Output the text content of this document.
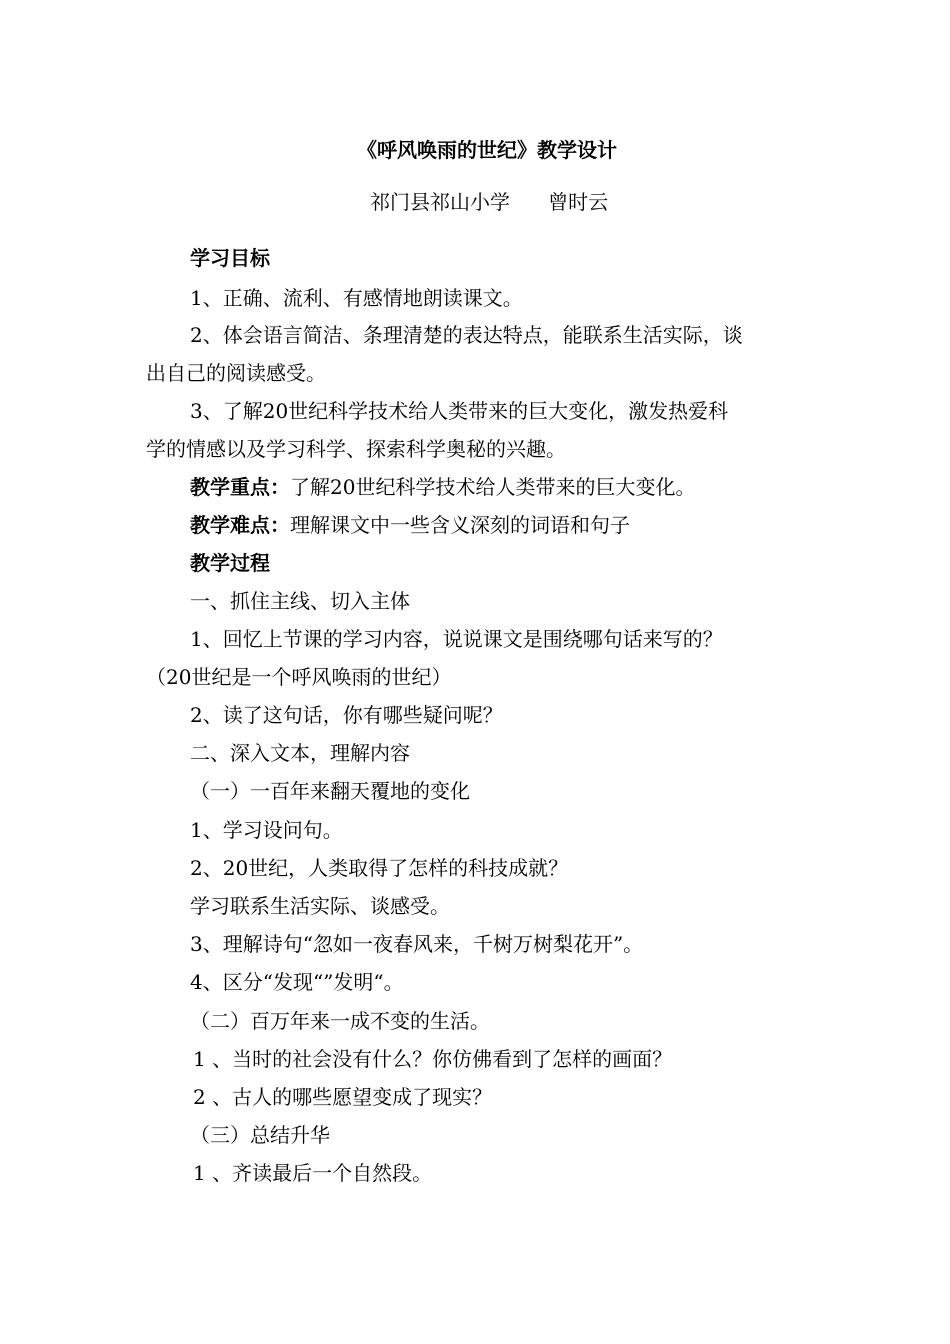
《呼风唤雨的世纪》教学设计
祁门县祁山小学      曾时云
学习目标
1、正确、流利、有感情地朗读课文。
2、体会语言简洁、条理清楚的表达特点，能联系生活实际，谈
出自己的阅读感受。
3、了解20世纪科学技术给人类带来的巨大变化，激发热爱科
学的情感以及学习科学、探索科学奥秘的兴趣。
教学重点：了解20世纪科学技术给人类带来的巨大变化。
教学难点：理解课文中一些含义深刻的词语和句子
教学过程
一、抓住主线、切入主体
1、回忆上节课的学习内容，说说课文是围绕哪句话来写的？
（20世纪是一个呼风唤雨的世纪）
2、读了这句话，你有哪些疑问呢？
二、深入文本，理解内容
（一）一百年来翻天覆地的变化
1、学习设问句。
2、20世纪，人类取得了怎样的科技成就？
学习联系生活实际、谈感受。
3、理解诗句“忽如一夜春风来，千树万树梨花开”。
4、区分“发现“”发明“。
（二）百万年来一成不变的生活。
1 、当时的社会没有什么？你仿佛看到了怎样的画面？
2 、古人的哪些愿望变成了现实？
（三）总结升华
1 、齐读最后一个自然段。
